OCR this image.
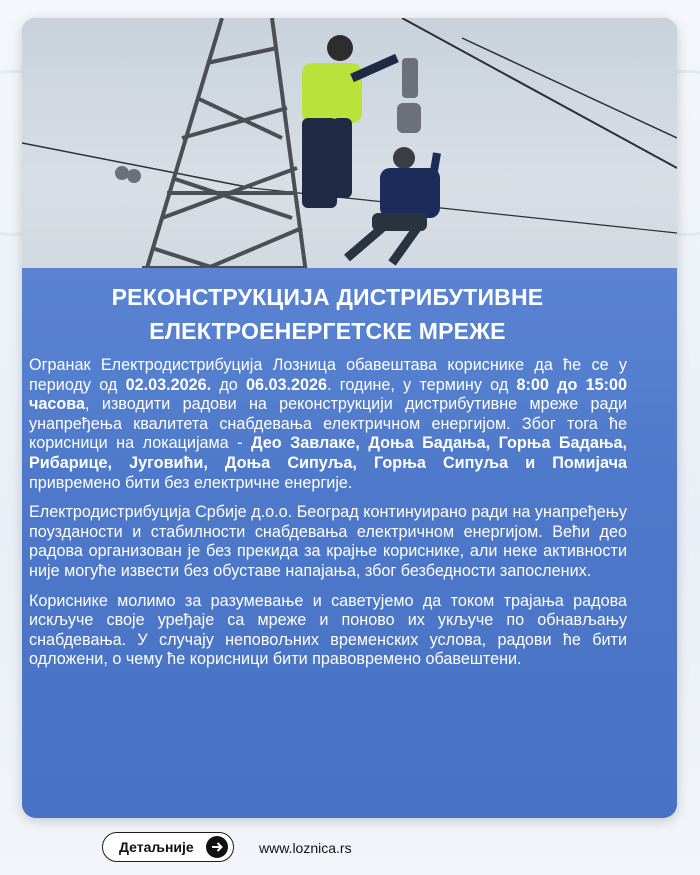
РЕКОНСТРУКЦИЈА ДИСТРИБУТИВНЕ
ЕЛЕКТРОЕНЕРГЕТСКЕ МРЕЖЕ

Огранак Електродистрибуција Лозница обавештава кориснике да ће се у периоду од 02.03.2026. до 06.03.2026. године, у термину од 8:00 до 15:00 часова, изводити радови на реконструкцији дистрибутивне мреже ради унапређења квалитета снабдевања електричном енергијом. Због тога ће корисници на локацијама - Део Завлаке, Доња Бадања, Горња Бадања, Рибарице, Југовићи, Доња Сипуља, Горња Сипуља и Помијача привремено бити без електричне енергије.

Електродистрибуција Србије д.о.о. Београд континуирано ради на унапређењу поузданости и стабилности снабдевања електричном енергијом. Већи део радова организован је без прекида за крајње кориснике, али неке активности није могуће извести без обуставе напајања, због безбедности запослених.

Кориснике молимо за разумевање и саветујемо да током трајања радова искључе своје уређаје са мреже и поново их укључе по обнављању снабдевања. У случају неповољних временских услова, радови ће бити одложени, о чему ће корисници бити правовремено обавештени.

Детаљније	www.loznica.rs
